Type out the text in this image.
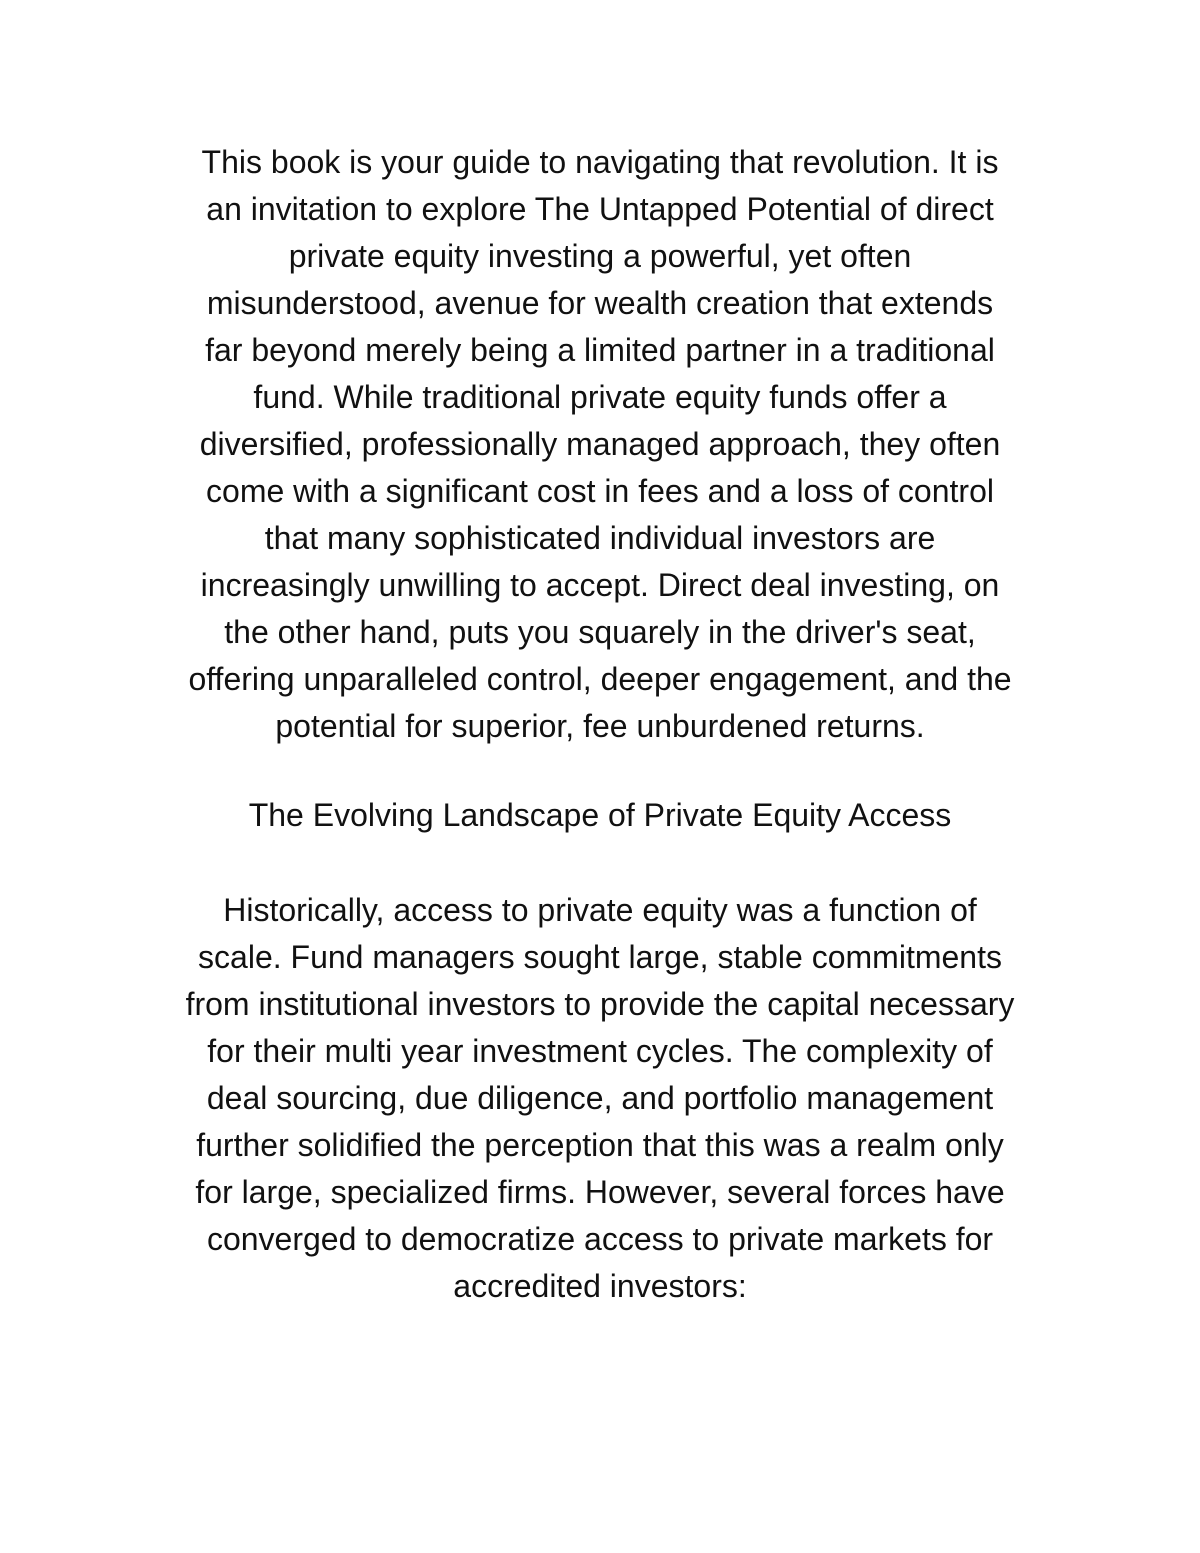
This book is your guide to navigating that revolution. It is
an invitation to explore The Untapped Potential of direct
private equity investing a powerful, yet often
misunderstood, avenue for wealth creation that extends
far beyond merely being a limited partner in a traditional
fund. While traditional private equity funds offer a
diversified, professionally managed approach, they often
come with a significant cost in fees and a loss of control
that many sophisticated individual investors are
increasingly unwilling to accept. Direct deal investing, on
the other hand, puts you squarely in the driver's seat,
offering unparalleled control, deeper engagement, and the
potential for superior, fee unburdened returns.
The Evolving Landscape of Private Equity Access
Historically, access to private equity was a function of
scale. Fund managers sought large, stable commitments
from institutional investors to provide the capital necessary
for their multi year investment cycles. The complexity of
deal sourcing, due diligence, and portfolio management
further solidified the perception that this was a realm only
for large, specialized firms. However, several forces have
converged to democratize access to private markets for
accredited investors:
